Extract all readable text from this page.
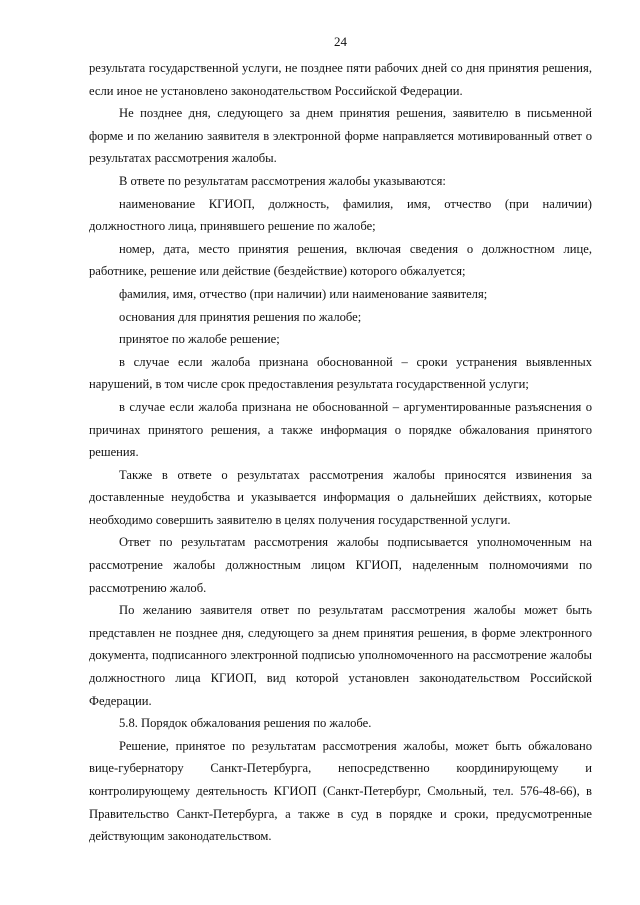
24

результата государственной услуги, не позднее пяти рабочих дней со дня принятия решения, если иное не установлено законодательством Российской Федерации.

Не позднее дня, следующего за днем принятия решения, заявителю в письменной форме и по желанию заявителя в электронной форме направляется мотивированный ответ о результатах рассмотрения жалобы.

В ответе по результатам рассмотрения жалобы указываются:

наименование КГИОП, должность, фамилия, имя, отчество (при наличии) должностного лица, принявшего решение по жалобе;

номер, дата, место принятия решения, включая сведения о должностном лице, работнике, решение или действие (бездействие) которого обжалуется;

фамилия, имя, отчество (при наличии) или наименование заявителя;

основания для принятия решения по жалобе;

принятое по жалобе решение;

в случае если жалоба признана обоснованной – сроки устранения выявленных нарушений, в том числе срок предоставления результата государственной услуги;

в случае если жалоба признана не обоснованной – аргументированные разъяснения о причинах принятого решения, а также информация о порядке обжалования принятого решения.

Также в ответе о результатах рассмотрения жалобы приносятся извинения за доставленные неудобства и указывается информация о дальнейших действиях, которые необходимо совершить заявителю в целях получения государственной услуги.

Ответ по результатам рассмотрения жалобы подписывается уполномоченным на рассмотрение жалобы должностным лицом КГИОП, наделенным полномочиями по рассмотрению жалоб.

По желанию заявителя ответ по результатам рассмотрения жалобы может быть представлен не позднее дня, следующего за днем принятия решения, в форме электронного документа, подписанного электронной подписью уполномоченного на рассмотрение жалобы должностного лица КГИОП, вид которой установлен законодательством Российской Федерации.

5.8. Порядок обжалования решения по жалобе.

Решение, принятое по результатам рассмотрения жалобы, может быть обжаловано вице-губернатору Санкт-Петербурга, непосредственно координирующему и контролирующему деятельность КГИОП (Санкт-Петербург, Смольный, тел. 576-48-66), в Правительство Санкт-Петербурга, а также в суд в порядке и сроки, предусмотренные действующим законодательством.
